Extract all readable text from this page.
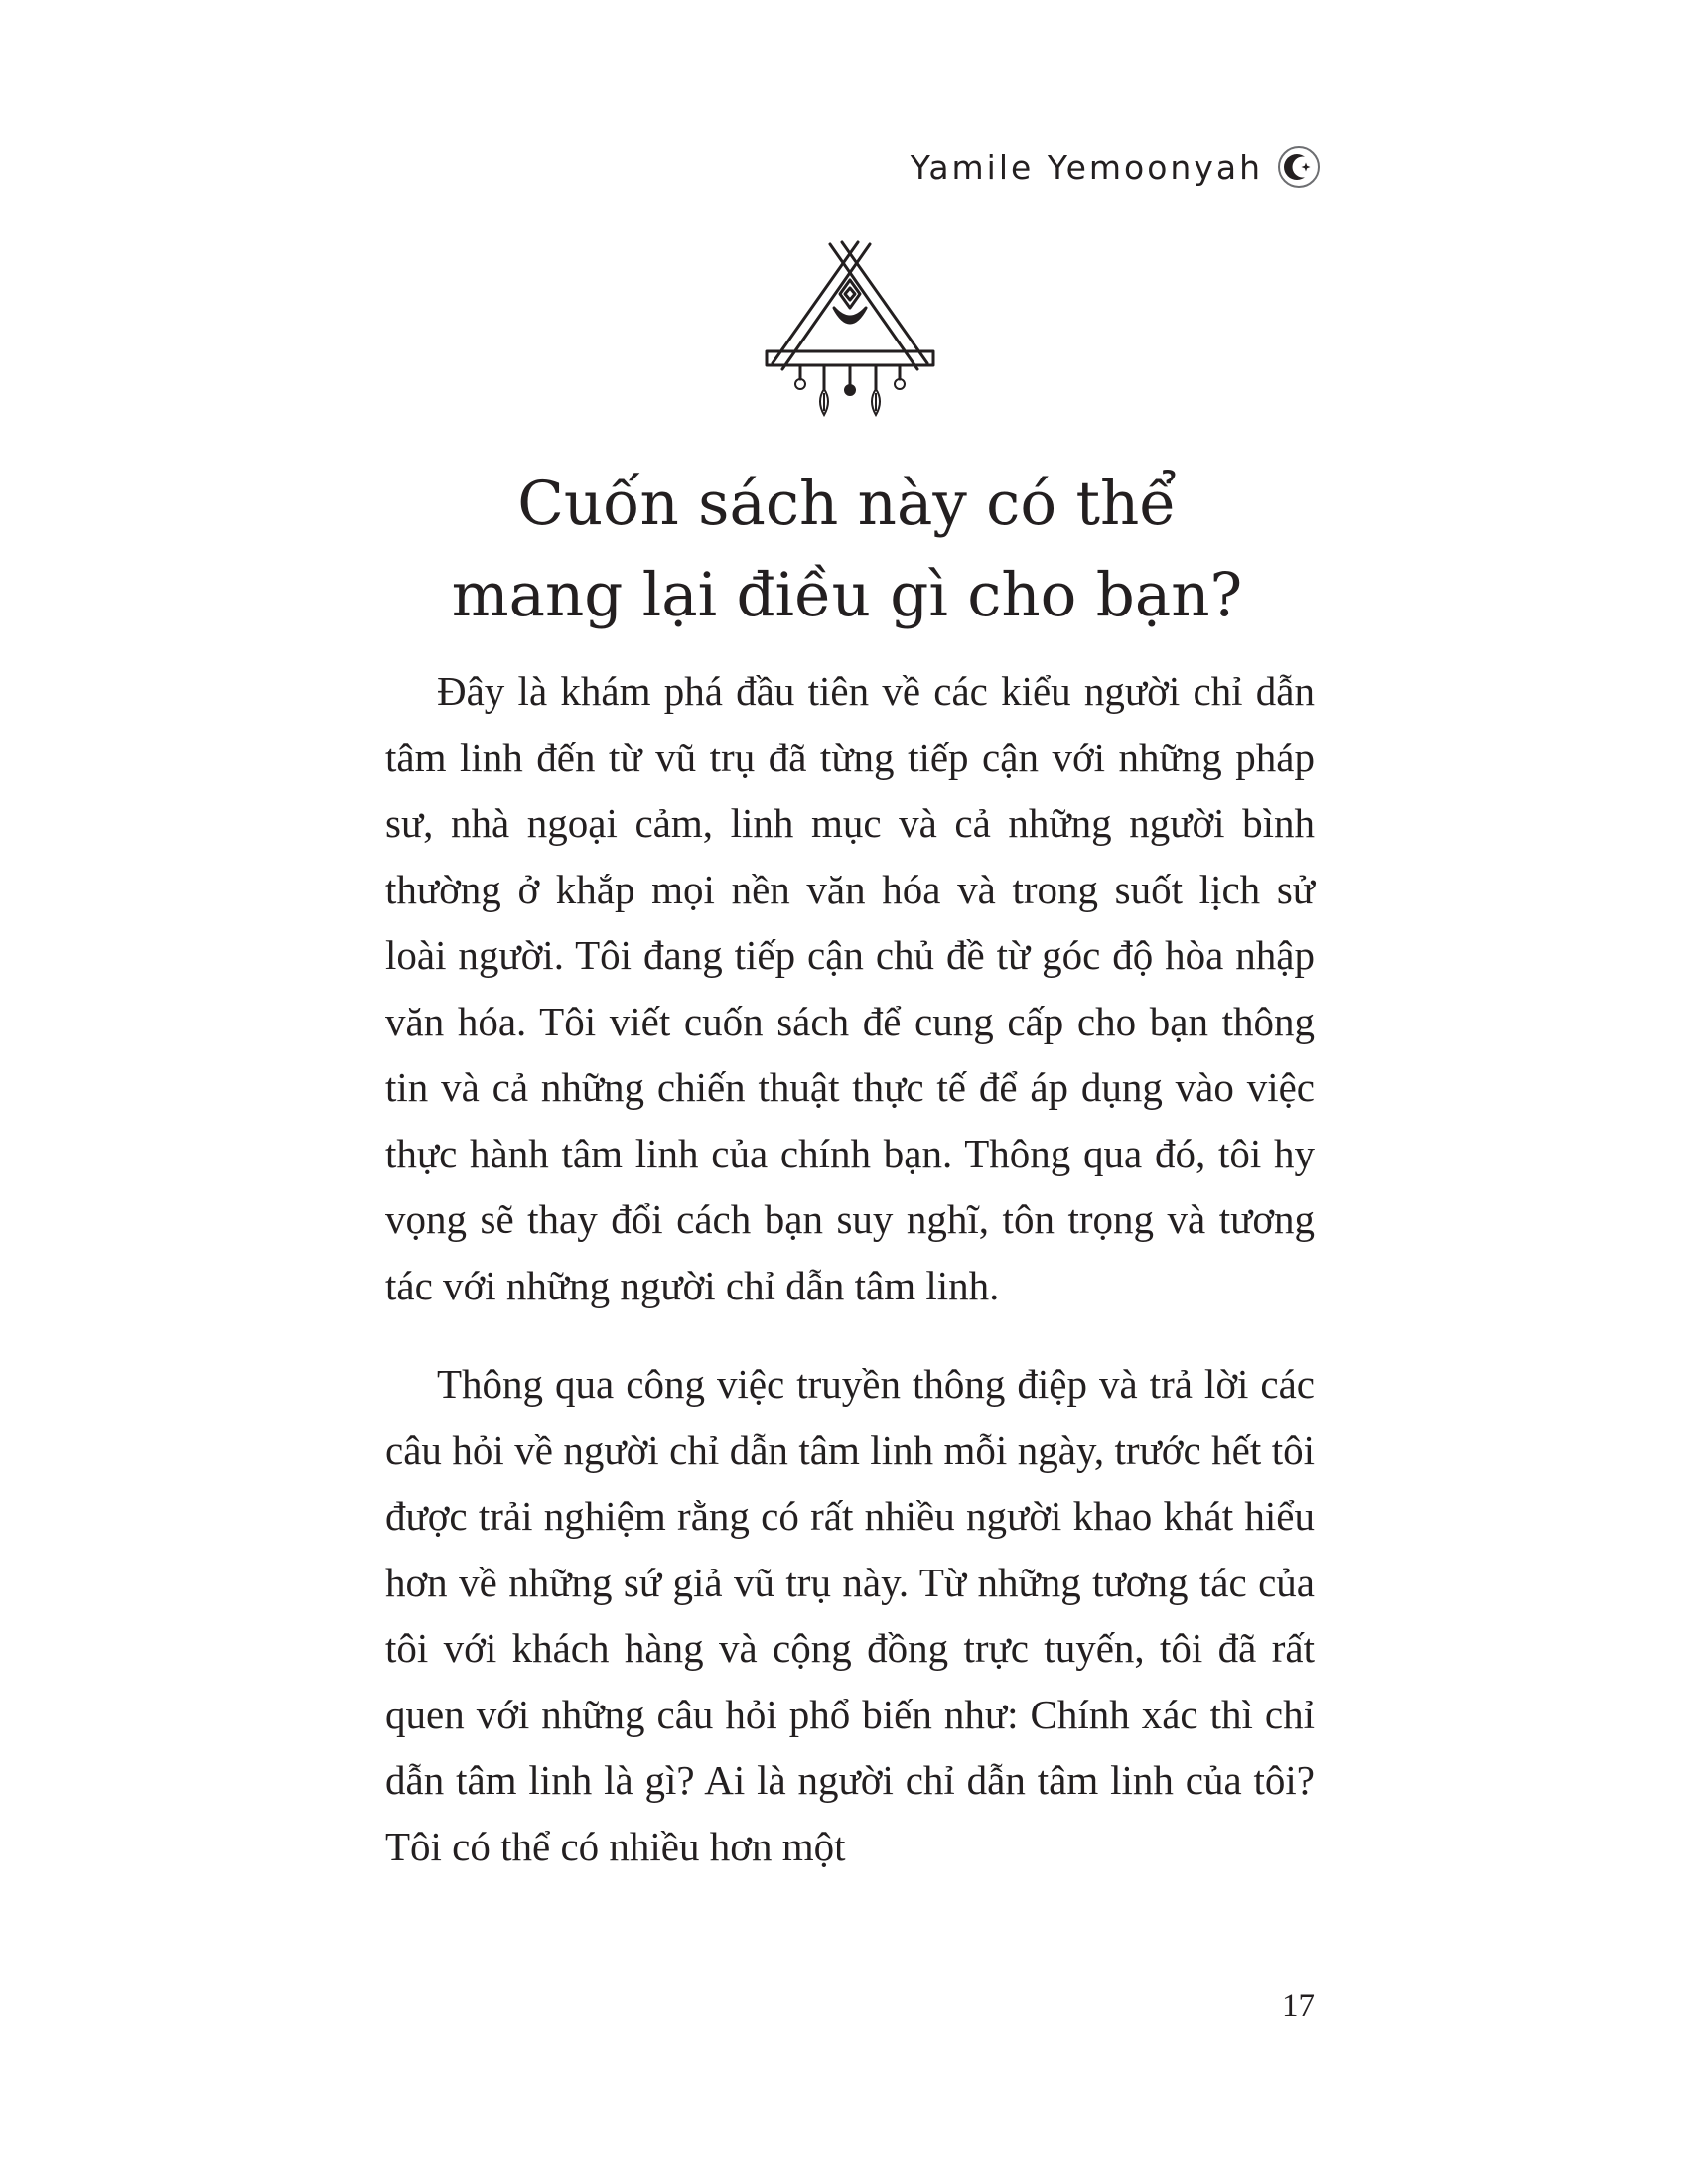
Yamile Yemoonyah
Cuốn sách này có thể
mang lại điều gì cho bạn?

Đây là khám phá đầu tiên về các kiểu người chỉ dẫn tâm linh đến từ vũ trụ đã từng tiếp cận với những pháp sư, nhà ngoại cảm, linh mục và cả những người bình thường ở khắp mọi nền văn hóa và trong suốt lịch sử loài người. Tôi đang tiếp cận chủ đề từ góc độ hòa nhập văn hóa. Tôi viết cuốn sách để cung cấp cho bạn thông tin và cả những chiến thuật thực tế để áp dụng vào việc thực hành tâm linh của chính bạn. Thông qua đó, tôi hy vọng sẽ thay đổi cách bạn suy nghĩ, tôn trọng và tương tác với những người chỉ dẫn tâm linh.

Thông qua công việc truyền thông điệp và trả lời các câu hỏi về người chỉ dẫn tâm linh mỗi ngày, trước hết tôi được trải nghiệm rằng có rất nhiều người khao khát hiểu hơn về những sứ giả vũ trụ này. Từ những tương tác của tôi với khách hàng và cộng đồng trực tuyến, tôi đã rất quen với những câu hỏi phổ biến như: Chính xác thì chỉ dẫn tâm linh là gì? Ai là người chỉ dẫn tâm linh của tôi? Tôi có thể có nhiều hơn một

17
